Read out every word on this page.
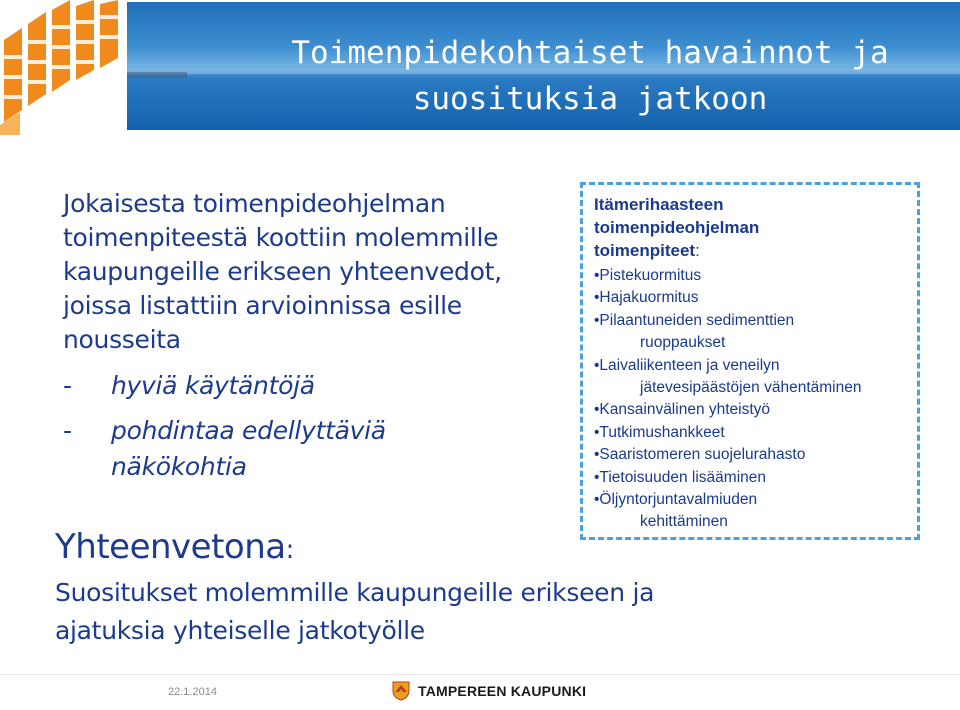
Toimenpidekohtaiset havainnot ja
suosituksia jatkoon

Jokaisesta toimenpideohjelman
toimenpiteestä koottiin molemmille
kaupungeille erikseen yhteenvedot,
joissa listattiin arvioinnissa esille
nousseita

-	hyviä käytäntöjä
-	pohdintaa edellyttäviä
näkökohtia
Yhteenvetona:

Suositukset molemmille kaupungeille erikseen ja
ajatuksia yhteiselle jatkotyölle

Itämerihaasteen
toimenpideohjelman
toimenpiteet:

•Pistekuormitus
•Hajakuormitus
•Pilaantuneiden sedimenttien
ruoppaukset
•Laivaliikenteen ja veneilyn
jätevesipäästöjen vähentäminen
•Kansainvälinen yhteistyö
•Tutkimushankkeet
•Saaristomeren suojelurahasto
•Tietoisuuden lisääminen
•Öljyntorjuntavalmiuden
kehittäminen

22.1.2014	TAMPEREEN KAUPUNKI
